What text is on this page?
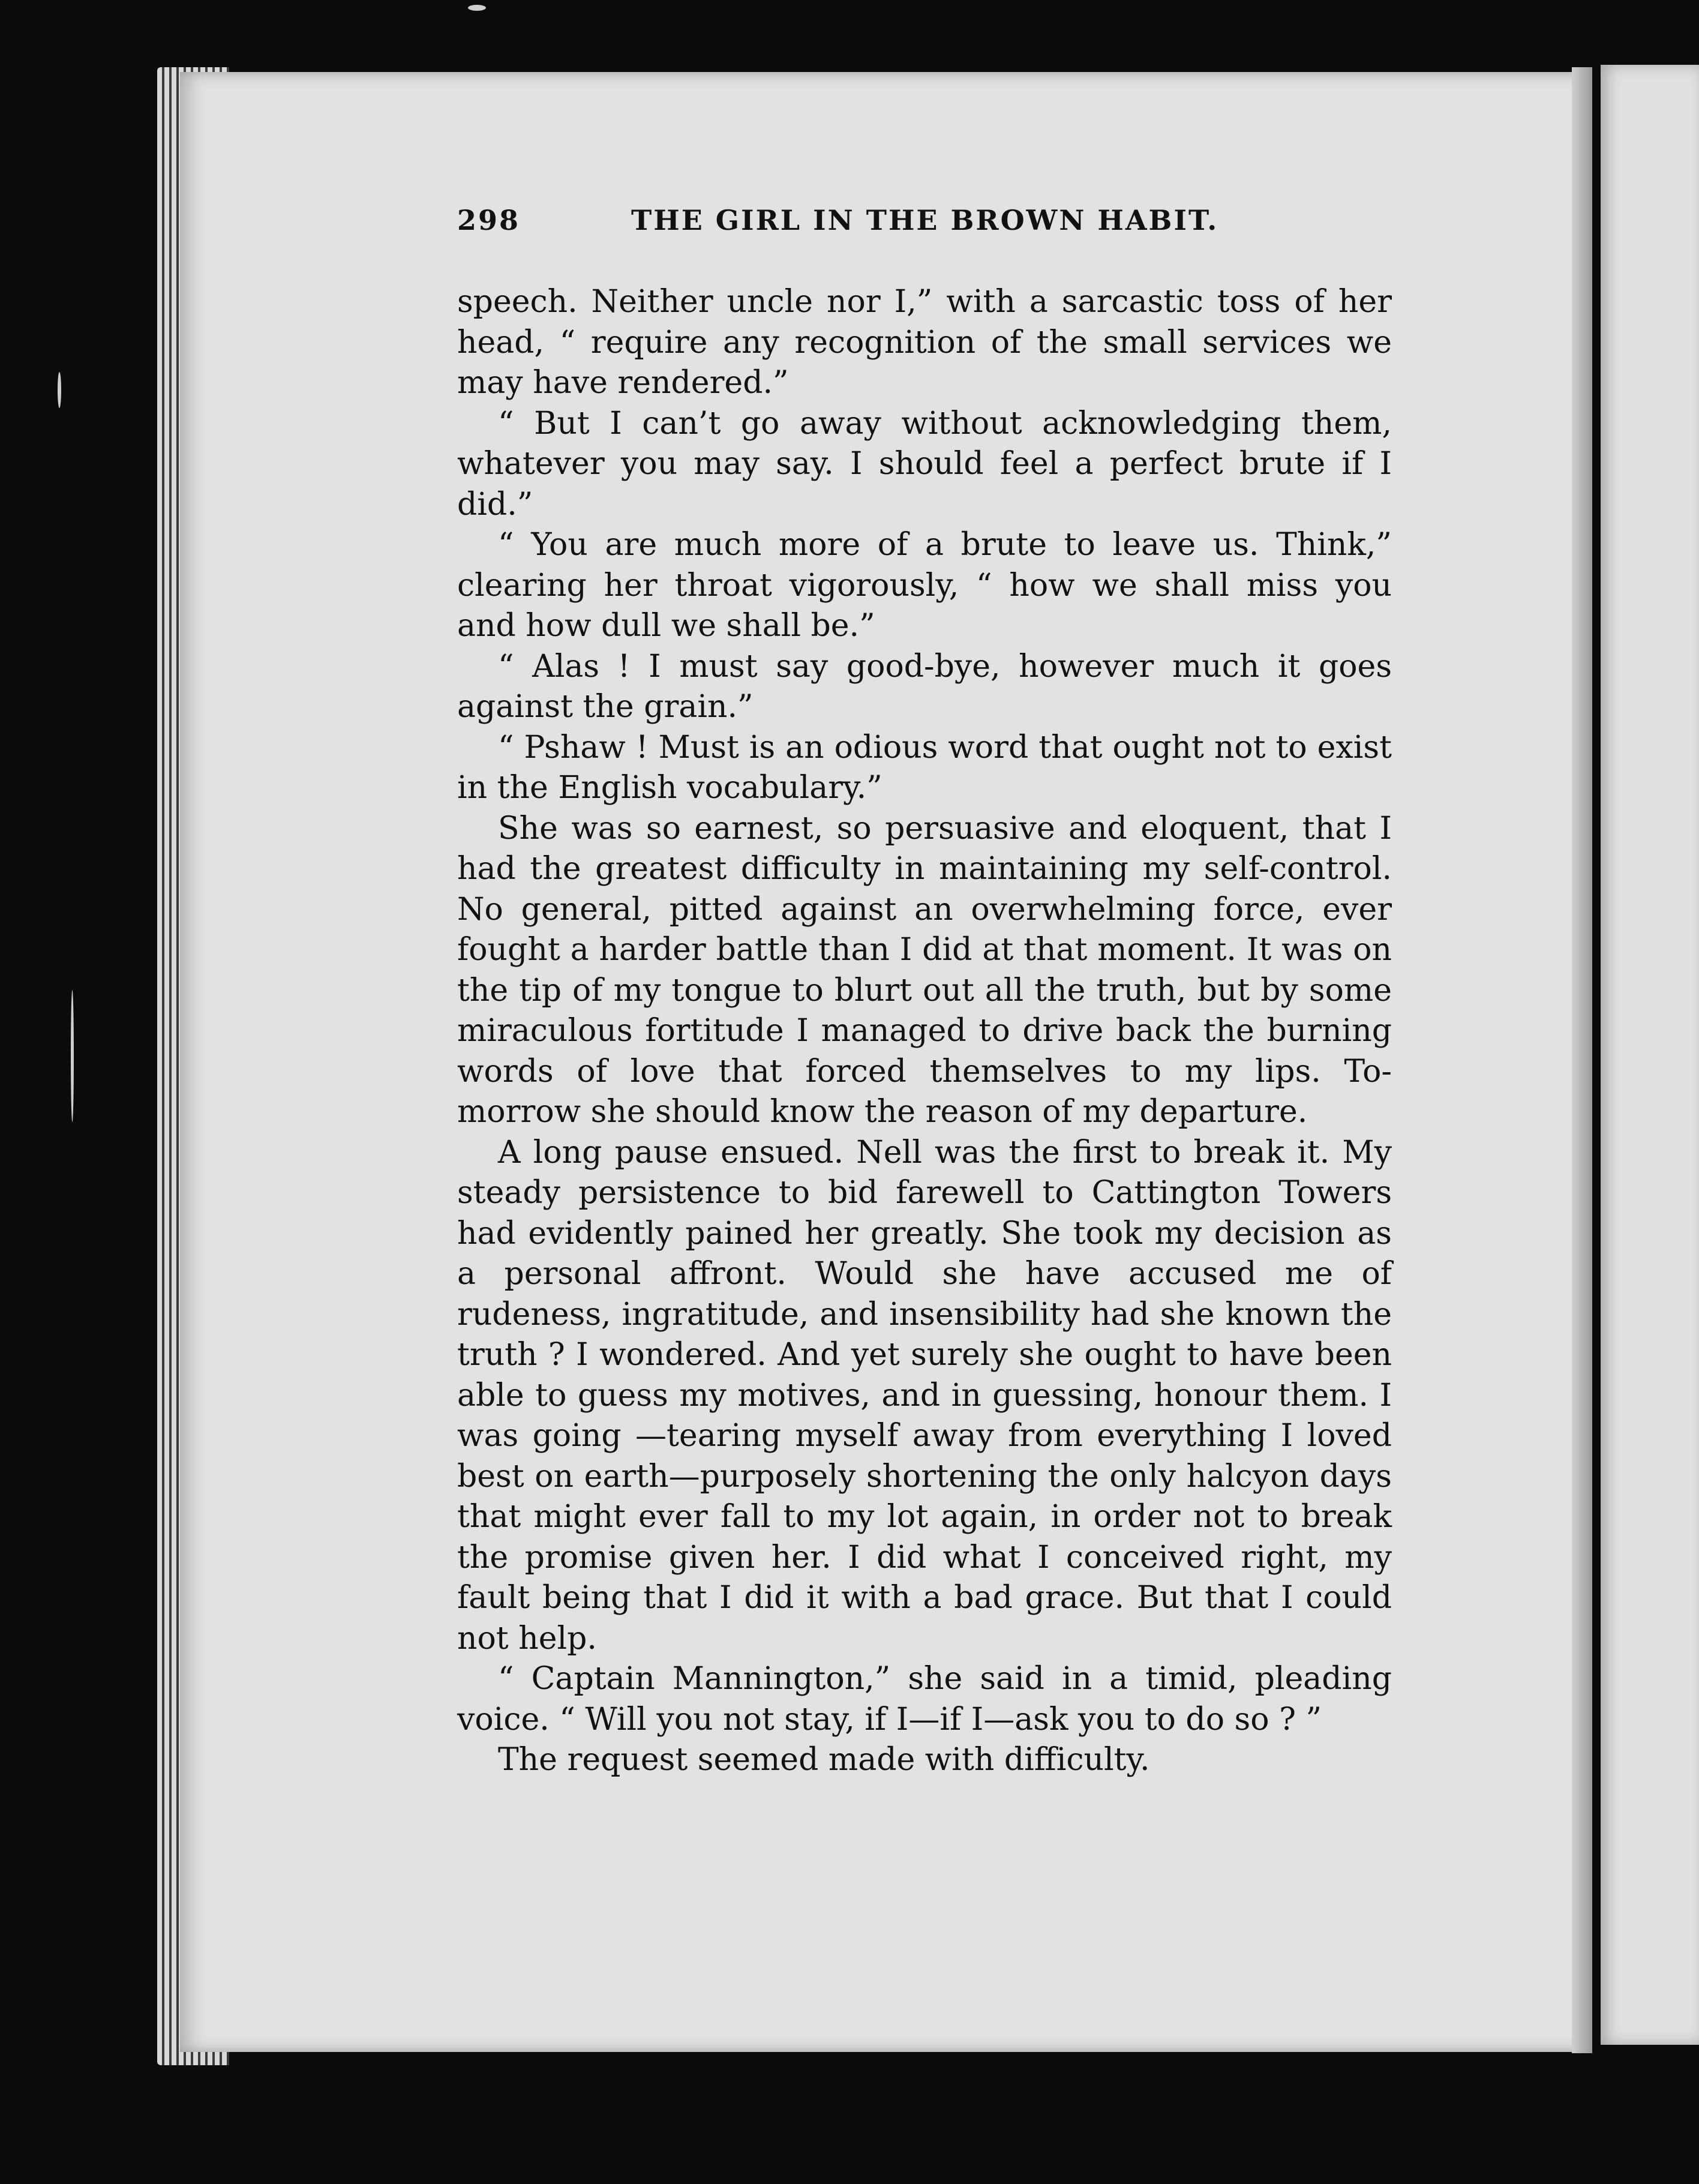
298	THE GIRL IN THE BROWN HABIT.

speech. Neither uncle nor I,” with a sarcastic toss of her head, “ require any recognition of the small services we may have rendered.”

“ But I can’t go away without acknowledging them, whatever you may say. I should feel a perfect brute if I did.”

“ You are much more of a brute to leave us. Think,” clearing her throat vigorously, “ how we shall miss you and how dull we shall be.”

“ Alas ! I must say good-bye, however much it goes against the grain.”

“ Pshaw ! Must is an odious word that ought not to exist in the English vocabulary.”

She was so earnest, so persuasive and eloquent, that I had the greatest difficulty in maintaining my self-control. No general, pitted against an overwhelming force, ever fought a harder battle than I did at that moment. It was on the tip of my tongue to blurt out all the truth, but by some miraculous fortitude I managed to drive back the burning words of love that forced themselves to my lips. To-morrow she should know the reason of my departure.

A long pause ensued. Nell was the first to break it. My steady persistence to bid farewell to Cattington Towers had evidently pained her greatly. She took my decision as a personal affront. Would she have accused me of rudeness, ingratitude, and insensibility had she known the truth ? I wondered. And yet surely she ought to have been able to guess my motives, and in guessing, honour them. I was going —tearing myself away from everything I loved best on earth—purposely shortening the only halcyon days that might ever fall to my lot again, in order not to break the promise given her. I did what I conceived right, my fault being that I did it with a bad grace. But that I could not help.

“ Captain Mannington,” she said in a timid, pleading voice. “ Will you not stay, if I—if I—ask you to do so ? ”

The request seemed made with difficulty.
